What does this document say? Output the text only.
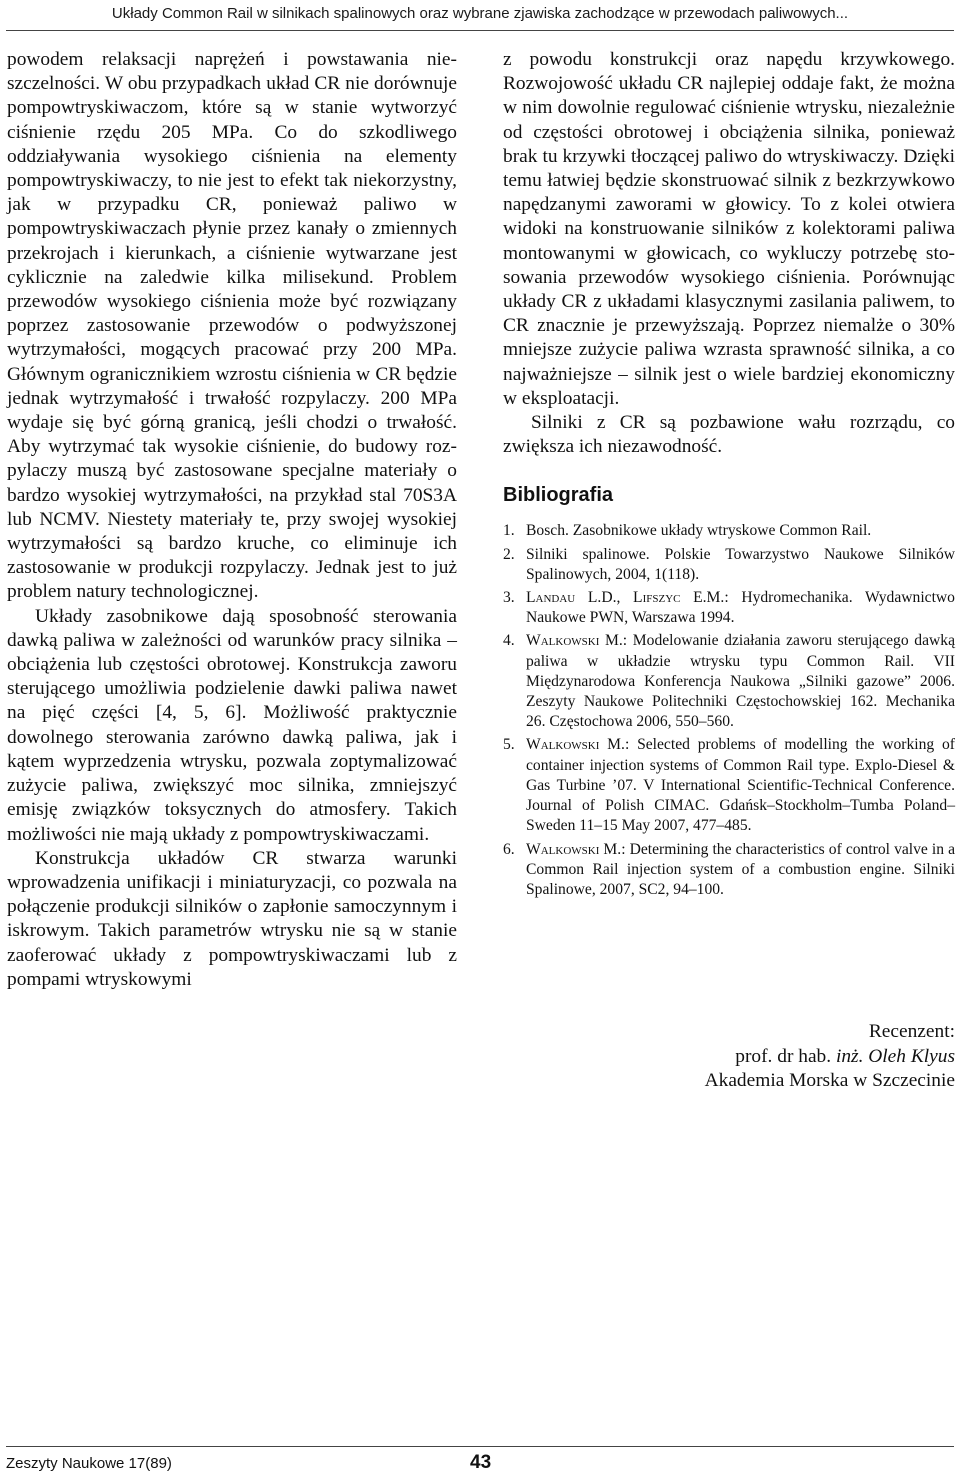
Układy Common Rail w silnikach spalinowych oraz wybrane zjawiska zachodzące w przewodach paliwowych...

powodem relaksacji naprężeń i powstawania nieszczelności. W obu przypadkach układ CR nie dorównuje pompowtryskiwaczom, które są w stanie wytworzyć ciśnienie rzędu 205 MPa. Co do szkodliwego oddziaływania wysokiego ciśnienia na elementy pompowtryskiwaczy, to nie jest to efekt tak niekorzystny, jak w przypadku CR, ponieważ paliwo w pompowtryskiwaczach płynie przez kanały o zmiennych przekrojach i kierunkach, a ciśnienie wytwarzane jest cyklicznie na zaledwie kilka milisekund. Problem przewodów wysokiego ciśnienia może być rozwiązany poprzez zastosowanie przewodów o podwyższonej wytrzymałości, mogących pracować przy 200 MPa. Głównym ogranicznikiem wzrostu ciśnienia w CR będzie jednak wytrzymałość i trwałość rozpylaczy. 200 MPa wydaje się być górną granicą, jeśli chodzi o trwałość. Aby wytrzymać tak wysokie ciśnienie, do budowy rozpylaczy muszą być zastosowane specjalne materiały o bardzo wysokiej wytrzymałości, na przykład stal 70S3A lub NCMV. Niestety materiały te, przy swojej wysokiej wytrzymałości są bardzo kruche, co eliminuje ich zastosowanie w produkcji rozpylaczy. Jednak jest to już problem natury technologicznej.

Układy zasobnikowe dają sposobność sterowania dawką paliwa w zależności od warunków pracy silnika – obciążenia lub częstości obrotowej. Konstrukcja zaworu sterującego umożliwia podzielenie dawki paliwa nawet na pięć części [4, 5, 6]. Możliwość praktycznie dowolnego sterowania zarówno dawką paliwa, jak i kątem wyprzedzenia wtrysku, pozwala zoptymalizować zużycie paliwa, zwiększyć moc silnika, zmniejszyć emisję związków toksycznych do atmosfery. Takich możliwości nie mają układy z pompowtryskiwaczami.

Konstrukcja układów CR stwarza warunki wprowadzenia unifikacji i miniaturyzacji, co pozwala na połączenie produkcji silników o zapłonie samoczynnym i iskrowym. Takich parametrów wtrysku nie są w stanie zaoferować układy z pompowtryskiwaczami lub z pompami wtryskowymi

z powodu konstrukcji oraz napędu krzywkowego. Rozwojowość układu CR najlepiej oddaje fakt, że można w nim dowolnie regulować ciśnienie wtrysku, niezależnie od częstości obrotowej i obciążenia silnika, ponieważ brak tu krzywki tłoczącej paliwo do wtryskiwaczy. Dzięki temu łatwiej będzie skonstruować silnik z bezkrzywkowo napędzanymi zaworami w głowicy. To z kolei otwiera widoki na konstruowanie silników z kolektorami paliwa montowanymi w głowicach, co wykluczy potrzebę stosowania przewodów wysokiego ciśnienia. Porównując układy CR z układami klasycznymi zasilania paliwem, to CR znacznie je przewyższają. Poprzez niemalże o 30% mniejsze zużycie paliwa wzrasta sprawność silnika, a co najważniejsze – silnik jest o wiele bardziej ekonomiczny w eksploatacji.

Silniki z CR są pozbawione wału rozrządu, co zwiększa ich niezawodność.

Bibliografia
1. Bosch. Zasobnikowe układy wtryskowe Common Rail.
2. Silniki spalinowe. Polskie Towarzystwo Naukowe Silników Spalinowych, 2004, 1(118).
3. Landau L.D., Lifszyc E.M.: Hydromechanika. Wydawnictwo Naukowe PWN, Warszawa 1994.
4. Walkowski M.: Modelowanie działania zaworu sterującego dawką paliwa w układzie wtrysku typu Common Rail. VII Międzynarodowa Konferencja Naukowa „Silniki gazowe” 2006. Zeszyty Naukowe Politechniki Częstochowskiej 162. Mechanika 26. Częstochowa 2006, 550–560.
5. Walkowski M.: Selected problems of modelling the working of container injection systems of Common Rail type. Explo-Diesel & Gas Turbine ’07. V International Scientific-Technical Conference. Journal of Polish CIMAC. Gdańsk–Stockholm–Tumba Poland–Sweden 11–15 May 2007, 477–485.
6. Walkowski M.: Determining the characteristics of control valve in a Common Rail injection system of a combustion engine. Silniki Spalinowe, 2007, SC2, 94–100.
Recenzent:
prof. dr hab. inż. Oleh Klyus
Akademia Morska w Szczecinie
Zeszyty Naukowe 17(89)	43
